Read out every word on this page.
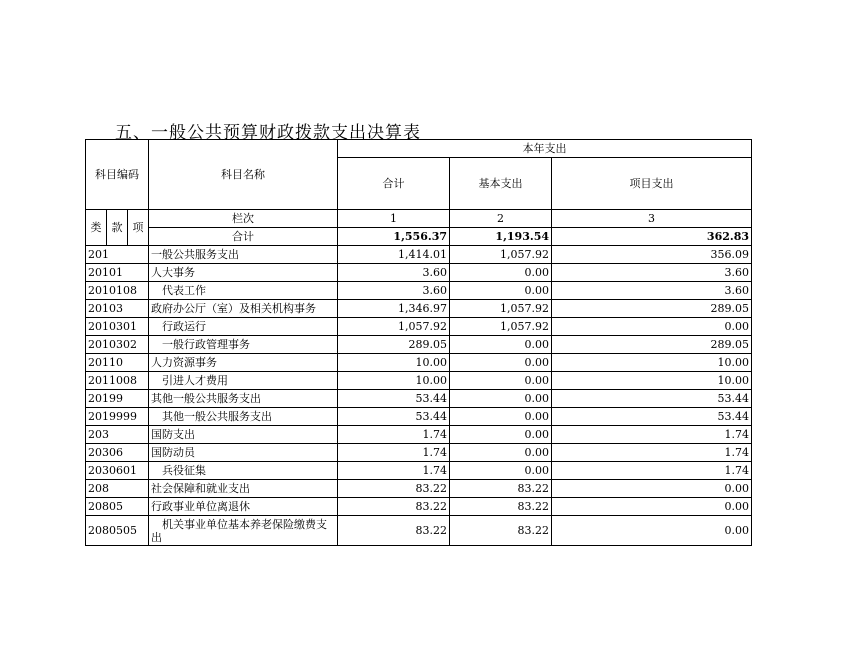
五、一般公共预算财政拨款支出决算表
科目编码			科目名称	本年支出		
				合计	基本支出	项目支出

类	款	项	栏次	1	2	3
			合计	1,556.37	1,193.54	362.83
201			一般公共服务支出	1,414.01	1,057.92	356.09
20101			人大事务	3.60	0.00	3.60
2010108	　		代表工作	3.60	0.00	3.60
20103			政府办公厅（室）及相关机构事务	1,346.97	1,057.92	289.05
2010301	　		行政运行	1,057.92	1,057.92	0.00
2010302	　		一般行政管理事务	289.05	0.00	289.05
20110			人力资源事务	10.00	0.00	10.00
2011008	　		引进人才费用	10.00	0.00	10.00
20199			其他一般公共服务支出	53.44	0.00	53.44
2019999	　		其他一般公共服务支出	53.44	0.00	53.44
203			国防支出	1.74	0.00	1.74
20306			国防动员	1.74	0.00	1.74
2030601	　		兵役征集	1.74	0.00	1.74
208			社会保障和就业支出	83.22	83.22	0.00
20805			行政事业单位离退休	83.22	83.22	0.00
2080505	　		机关事业单位基本养老保险缴费支出	83.22	83.22	0.00
